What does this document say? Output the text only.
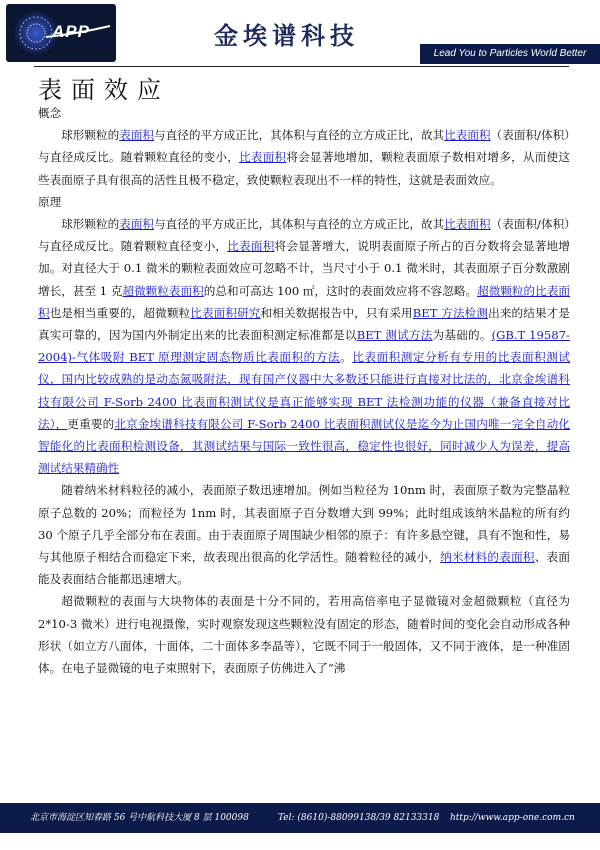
APP	金埃谱科技
Lead You to Particles World Better
表面效应

概念

球形颗粒的表面积与直径的平方成正比，其体积与直径的立方成正比，故其比表面积（表面积/体积）与直径成反比。随着颗粒直径的变小，比表面积将会显著地增加，颗粒表面原子数相对增多，从而使这些表面原子具有很高的活性且极不稳定，致使颗粒表现出不一样的特性，这就是表面效应。

原理

球形颗粒的表面积与直径的平方成正比，其体积与直径的立方成正比，故其比表面积（表面积/体积）与直径成反比。随着颗粒直径变小，比表面积将会显著增大，说明表面原子所占的百分数将会显著地增加。对直径大于 0.1 微米的颗粒表面效应可忽略不计，当尺寸小于 0.1 微米时，其表面原子百分数激剧增长，甚至 1 克超微颗粒表面积的总和可高达 100 ㎡，这时的表面效应将不容忽略。超微颗粒的比表面积也是相当重要的，超微颗粒比表面积研究和相关数据报告中，只有采用BET 方法检测出来的结果才是真实可靠的，因为国内外制定出来的比表面积测定标准都是以BET 测试方法为基础的。(GB.T 19587-2004)-气体吸附 BET 原理测定固态物质比表面积的方法。比表面积测定分析有专用的比表面积测试仪，国内比较成熟的是动态氮吸附法，现有国产仪器中大多数还只能进行直接对比法的，北京金埃谱科技有限公司 F-Sorb 2400 比表面积测试仪是真正能够实现 BET 法检测功能的仪器（兼备直接对比法），更重要的北京金埃谱科技有限公司 F-Sorb 2400 比表面积测试仪是迄今为止国内唯一完全自动化智能化的比表面积检测设备，其测试结果与国际一致性很高，稳定性也很好，同时减少人为误差，提高测试结果精确性

随着纳米材料粒径的减小，表面原子数迅速增加。例如当粒径为 10nm 时，表面原子数为完整晶粒原子总数的 20%；而粒径为 1nm 时，其表面原子百分数增大到 99%；此时组成该纳米晶粒的所有约 30 个原子几乎全部分布在表面。由于表面原子周围缺少相邻的原子：有许多悬空键，具有不饱和性，易与其他原子相结合而稳定下来，故表现出很高的化学活性。随着粒径的减小，纳米材料的表面积、表面能及表面结合能都迅速增大。

超微颗粒的表面与大块物体的表面是十分不同的，若用高倍率电子显微镜对金超微颗粒（直径为 2*10-3 微米）进行电视摄像，实时观察发现这些颗粒没有固定的形态，随着时间的变化会自动形成各种形状（如立方八面体，十面体，二十面体多李晶等），它既不同于一般固体，又不同于液体，是一种准固体。在电子显微镜的电子束照射下，表面原子仿佛进入了“沸

北京市海淀区知春路 56 号中航科技大厦 8 层 100098	Tel: (8610)-88099138/39 82133318 http://www.app-one.com.cn
